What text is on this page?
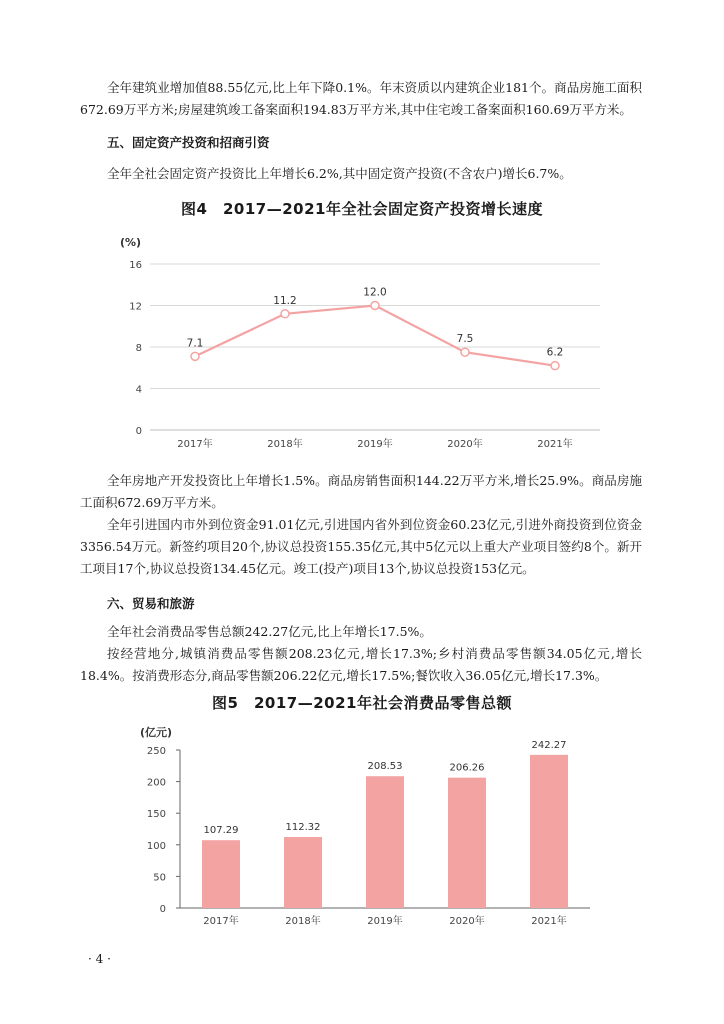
全年建筑业增加值88.55亿元,比上年下降0.1%。年末资质以内建筑企业181个。商品房施工面积672.69万平方米;房屋建筑竣工备案面积194.83万平方米,其中住宅竣工备案面积160.69万平方米。

五、固定资产投资和招商引资

全年全社会固定资产投资比上年增长6.2%,其中固定资产投资(不含农户)增长6.7%。

图4　2017—2021年全社会固定资产投资增长速度

(%)
0
4
8
12
16
2017年	2018年	2019年	2020年	2021年
7.1
11.2
12.0
7.5
6.2

全年房地产开发投资比上年增长1.5%。商品房销售面积144.22万平方米,增长25.9%。商品房施工面积672.69万平方米。

全年引进国内市外到位资金91.01亿元,引进国内省外到位资金60.23亿元,引进外商投资到位资金3356.54万元。新签约项目20个,协议总投资155.35亿元,其中5亿元以上重大产业项目签约8个。新开工项目17个,协议总投资134.45亿元。竣工(投产)项目13个,协议总投资153亿元。

六、贸易和旅游

全年社会消费品零售总额242.27亿元,比上年增长17.5%。

按经营地分,城镇消费品零售额208.23亿元,增长17.3%;乡村消费品零售额34.05亿元,增长18.4%。按消费形态分,商品零售额206.22亿元,增长17.5%;餐饮收入36.05亿元,增长17.3%。

图5　2017—2021年社会消费品零售总额

(亿元)
0
50
100
150
200
250
107.29	112.32
208.53	206.26
242.27
2017年	2018年	2019年	2020年	2021年

· 4 ·
